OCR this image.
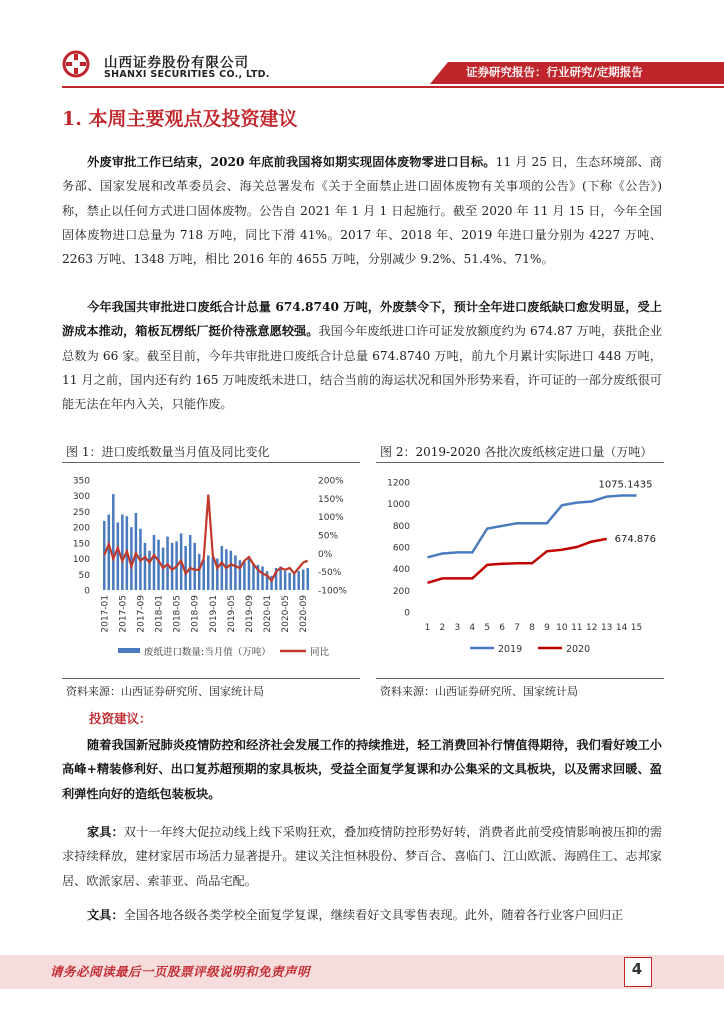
山西证券股份有限公司
SHANXI SECURITIES CO., LTD.	证券研究报告：行业研究/定期报告
1. 本周主要观点及投资建议
外废审批工作已结束，2020 年底前我国将如期实现固体废物零进口目标。11 月 25 日，生态环境部、商务部、国家发展和改革委员会、海关总署发布《关于全面禁止进口固体废物有关事项的公告》(下称《公告》)称，禁止以任何方式进口固体废物。公告自 2021 年 1 月 1 日起施行。截至 2020 年 11 月 15 日，今年全国固体废物进口总量为 718 万吨，同比下滑 41%。2017 年、2018 年、2019 年进口量分别为 4227 万吨、2263 万吨、1348 万吨，相比 2016 年的 4655 万吨，分别减少 9.2%、51.4%、71%。
今年我国共审批进口废纸合计总量 674.8740 万吨，外废禁令下，预计全年进口废纸缺口愈发明显，受上游成本推动，箱板瓦楞纸厂挺价待涨意愿较强。我国今年废纸进口许可证发放额度约为 674.87 万吨，获批企业总数为 66 家。截至目前，今年共审批进口废纸合计总量 674.8740 万吨，前九个月累计实际进口 448 万吨，11 月之前，国内还有约 165 万吨废纸未进口，结合当前的海运状况和国外形势来看，许可证的一部分废纸很可能无法在年内入关，只能作废。
图 1：进口废纸数量当月值及同比变化
0
50
100
150
200
250
300
350
-100%
-50%
0%
50%
100%
150%
200%
2017-01 2017-05 2017-09 2018-01 2018-05 2018-09 2019-01 2019-05 2019-09 2020-01 2020-05 2020-09
废纸进口数量:当月值（万吨）	同比
资料来源：山西证券研究所、国家统计局
图 2：2019-2020 各批次废纸核定进口量（万吨）
0
200
400
600
800
1000
1200
1 2 3 4 5 6 7 8 9 10 11 12 13 14 15
1075.1435
674.876
2019	2020
资料来源：山西证券研究所、国家统计局
投资建议：
随着我国新冠肺炎疫情防控和经济社会发展工作的持续推进，轻工消费回补行情值得期待，我们看好竣工小高峰+精装修利好、出口复苏超预期的家具板块，受益全面复学复课和办公集采的文具板块，以及需求回暖、盈利弹性向好的造纸包装板块。
家具：双十一年终大促拉动线上线下采购狂欢，叠加疫情防控形势好转，消费者此前受疫情影响被压抑的需求持续释放，建材家居市场活力显著提升。建议关注恒林股份、梦百合、喜临门、江山欧派、海鸥住工、志邦家居、欧派家居、索菲亚、尚品宅配。
文具：全国各地各级各类学校全面复学复课，继续看好文具零售表现。此外，随着各行业客户回归正
请务必阅读最后一页股票评级说明和免责声明	4
